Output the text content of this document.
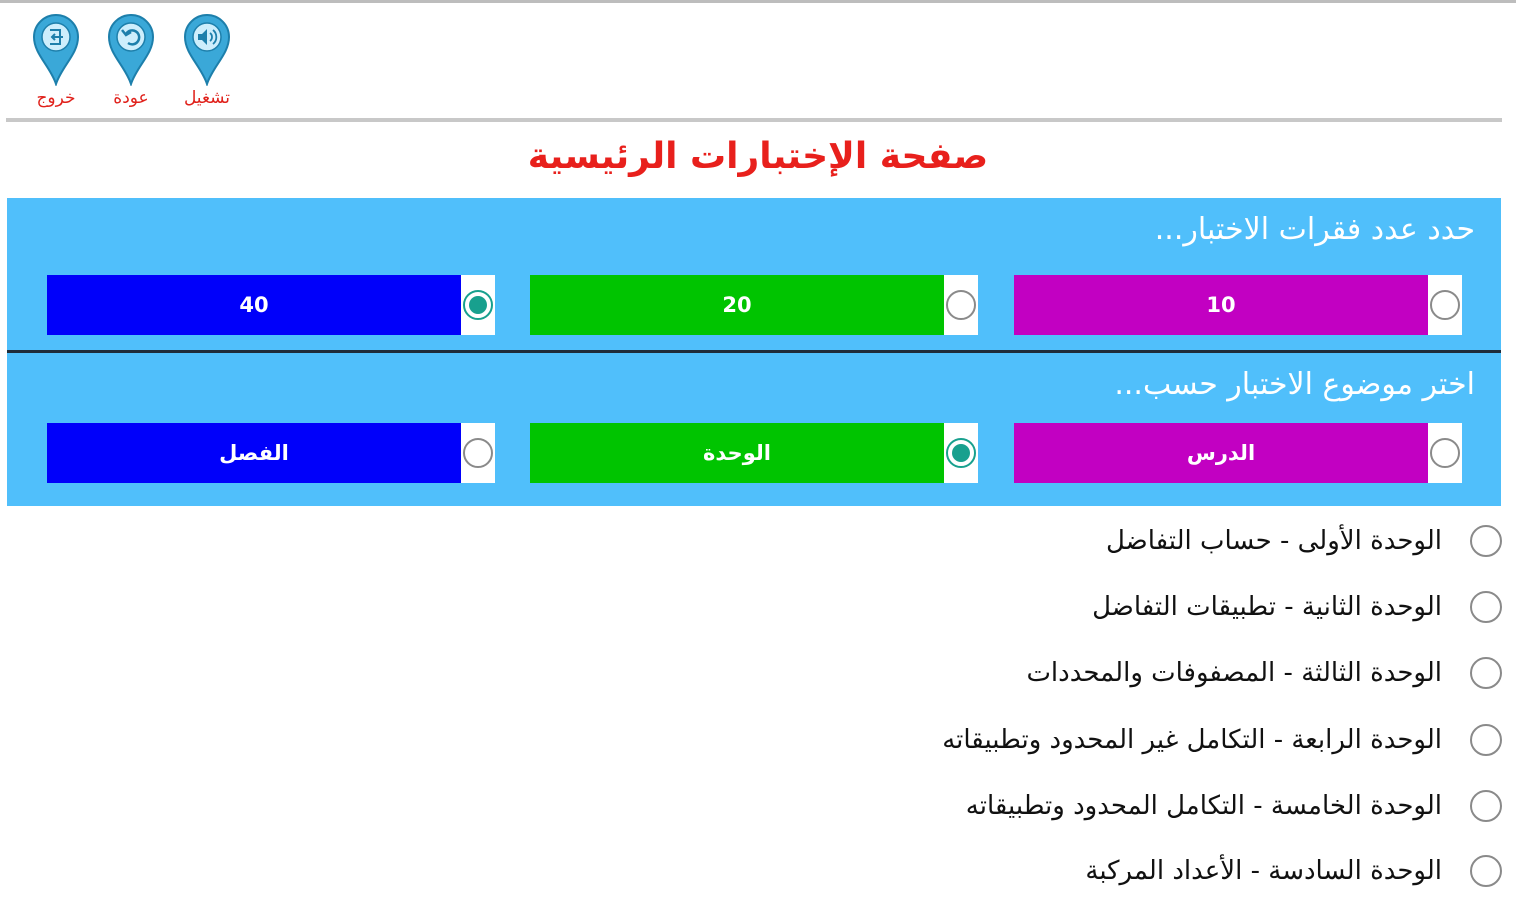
خروج عودة تشغيل
صفحة الإختبارات الرئيسية
حدد عدد فقرات الاختبار...
40	20	10
اختر موضوع الاختبار حسب...
الفصل	الوحدة	الدرس
الوحدة الأولى - حساب التفاضل
الوحدة الثانية - تطبيقات التفاضل
الوحدة الثالثة - المصفوفات والمحددات
الوحدة الرابعة - التكامل غير المحدود وتطبيقاته
الوحدة الخامسة - التكامل المحدود وتطبيقاته
الوحدة السادسة - الأعداد المركبة
